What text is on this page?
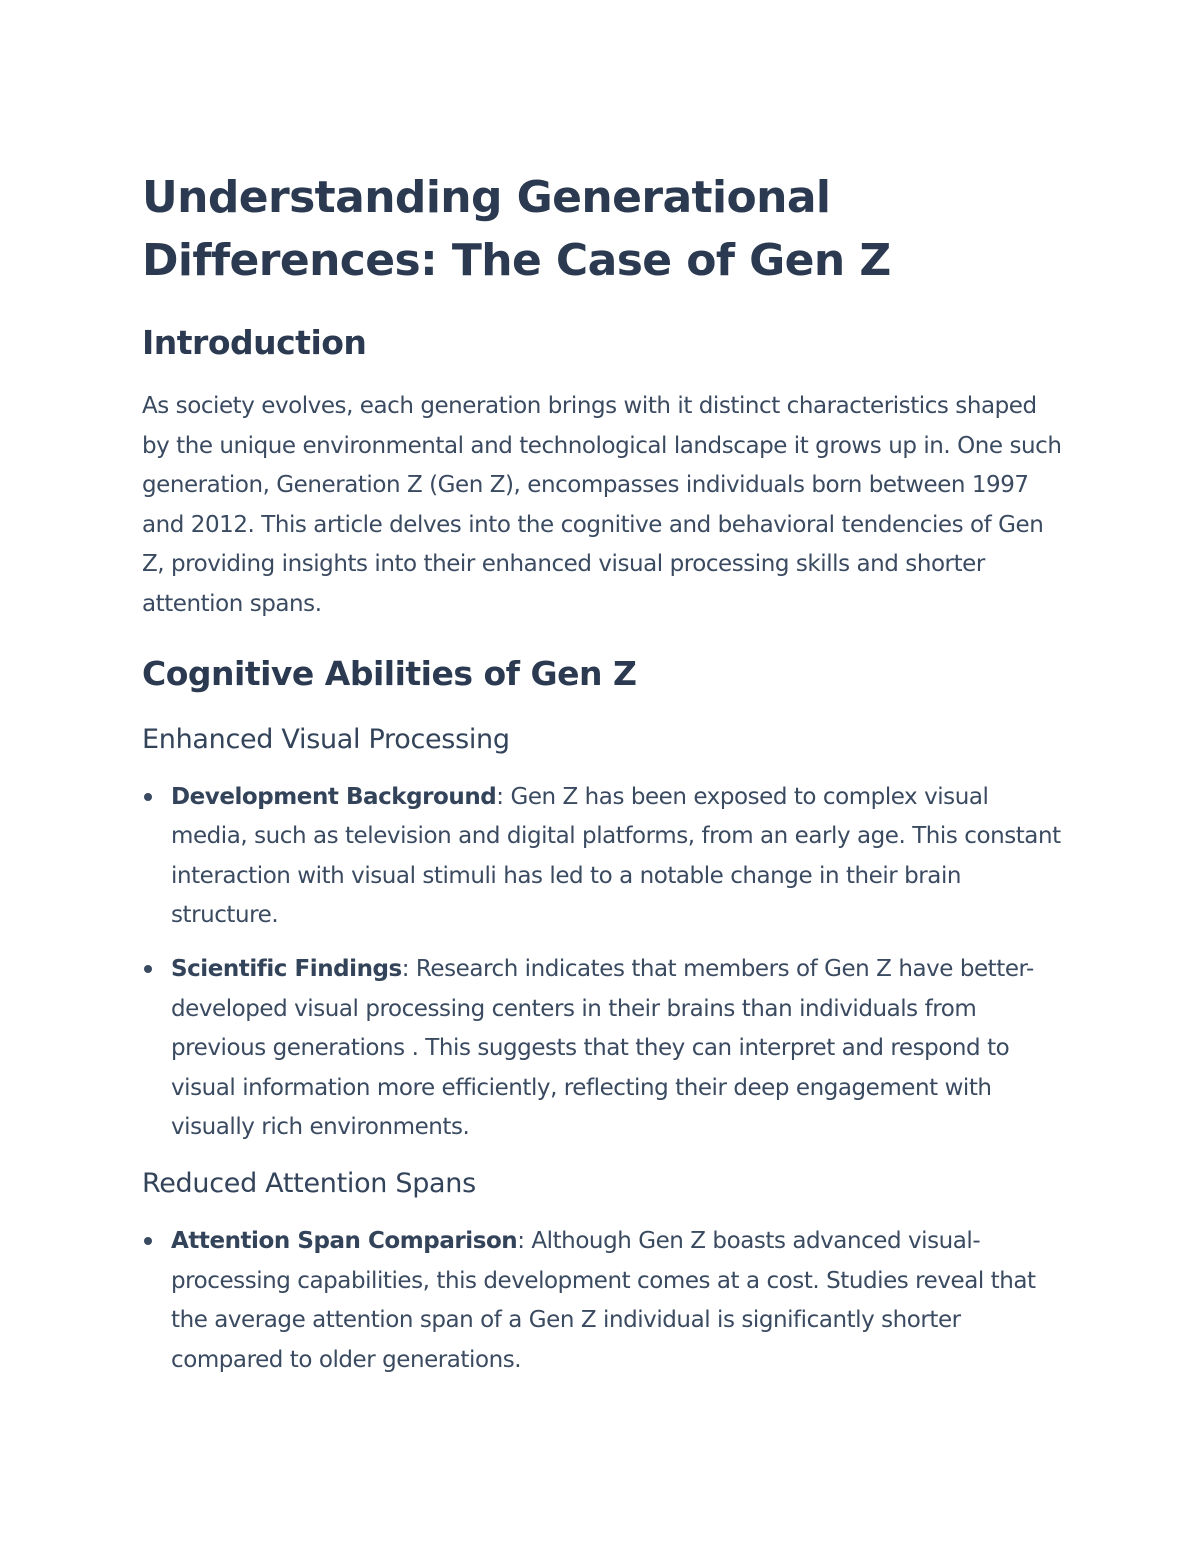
Understanding Generational Differences: The Case of Gen Z
Introduction

As society evolves, each generation brings with it distinct characteristics shaped by the unique environmental and technological landscape it grows up in. One such generation, Generation Z (Gen Z), encompasses individuals born between 1997 and 2012. This article delves into the cognitive and behavioral tendencies of Gen Z, providing insights into their enhanced visual processing skills and shorter attention spans.

Cognitive Abilities of Gen Z
Enhanced Visual Processing
Development Background: Gen Z has been exposed to complex visual media, such as television and digital platforms, from an early age. This constant interaction with visual stimuli has led to a notable change in their brain structure.
Scientific Findings: Research indicates that members of Gen Z have better-developed visual processing centers in their brains than individuals from previous generations . This suggests that they can interpret and respond to visual information more efficiently, reflecting their deep engagement with visually rich environments.
Reduced Attention Spans
Attention Span Comparison: Although Gen Z boasts advanced visual-processing capabilities, this development comes at a cost. Studies reveal that the average attention span of a Gen Z individual is significantly shorter compared to older generations.
